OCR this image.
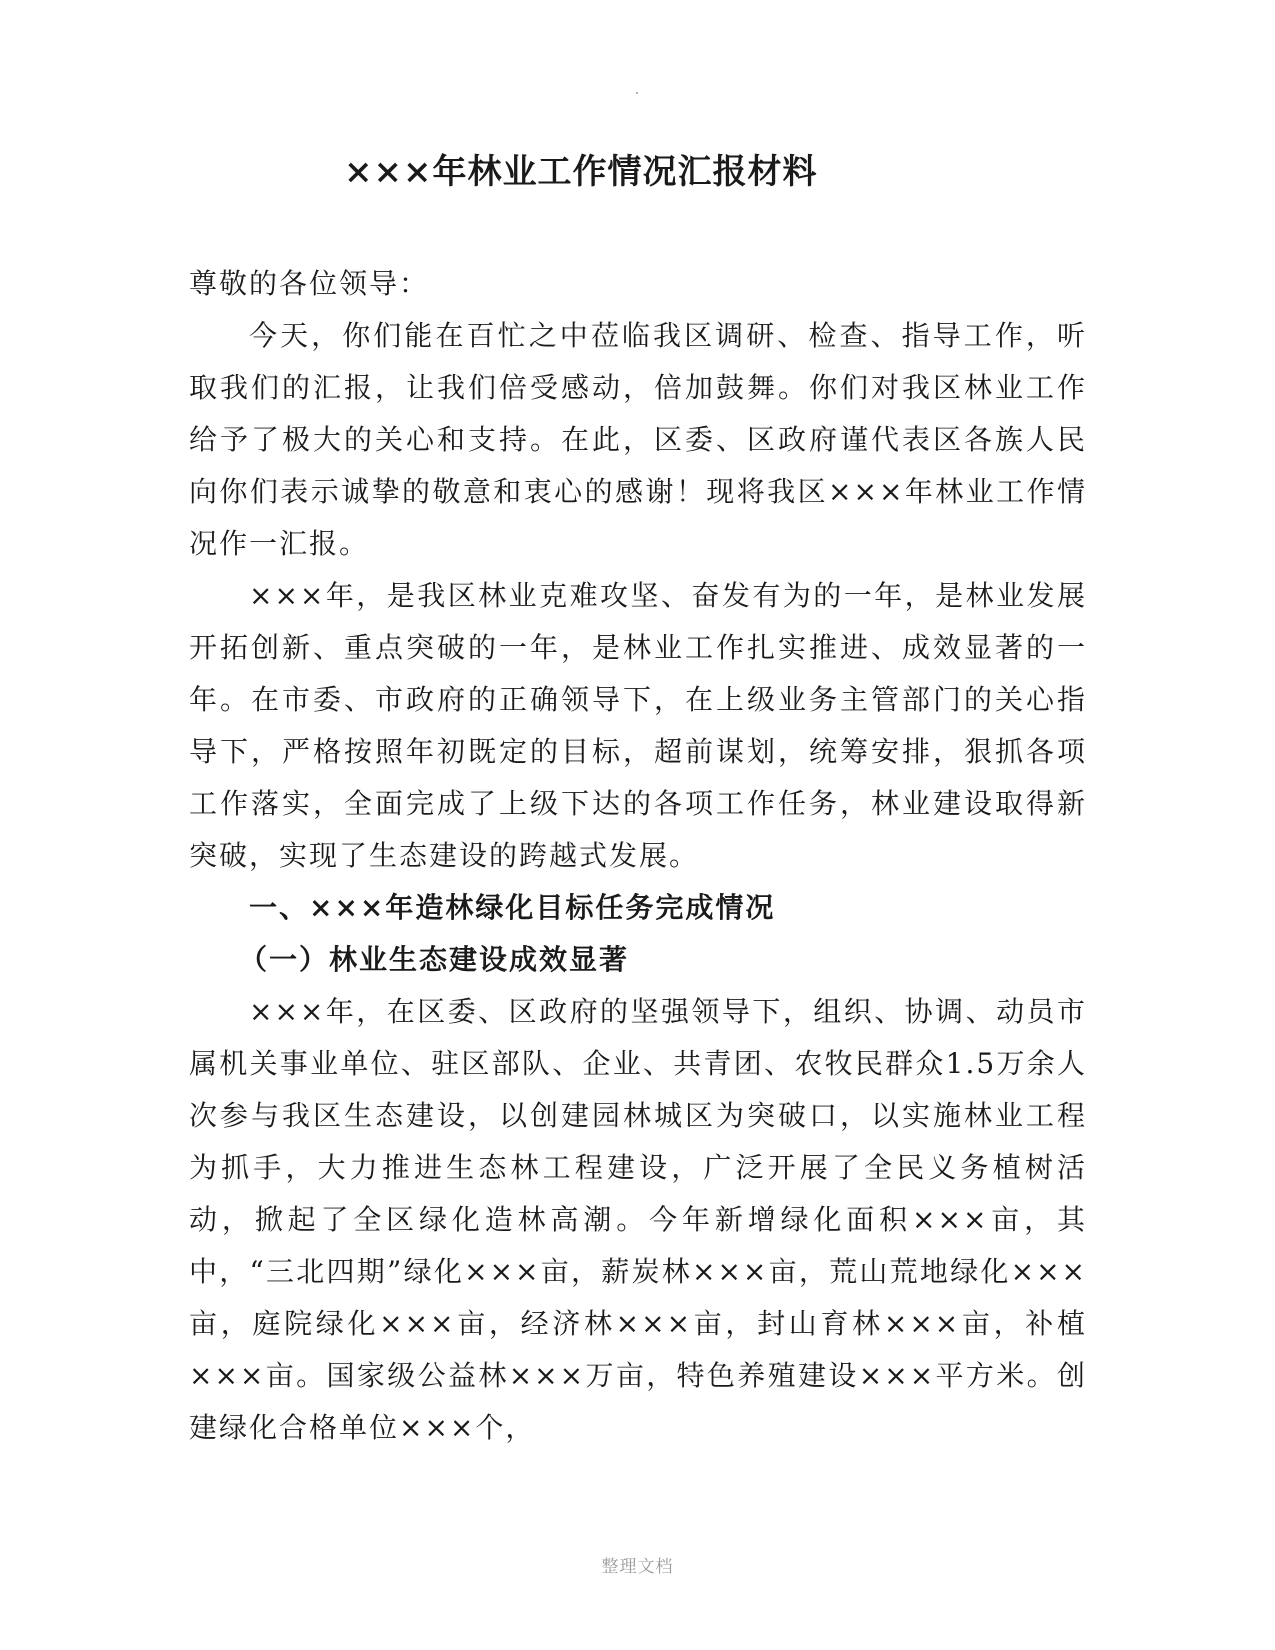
×××年林业工作情况汇报材料

尊敬的各位领导：

今天，你们能在百忙之中莅临我区调研、检查、指导工作，听取我们的汇报，让我们倍受感动，倍加鼓舞。你们对我区林业工作给予了极大的关心和支持。在此，区委、区政府谨代表区各族人民向你们表示诚挚的敬意和衷心的感谢！现将我区×××年林业工作情况作一汇报。

×××年，是我区林业克难攻坚、奋发有为的一年，是林业发展开拓创新、重点突破的一年，是林业工作扎实推进、成效显著的一年。在市委、市政府的正确领导下，在上级业务主管部门的关心指导下，严格按照年初既定的目标，超前谋划，统筹安排，狠抓各项工作落实，全面完成了上级下达的各项工作任务，林业建设取得新突破，实现了生态建设的跨越式发展。

一、×××年造林绿化目标任务完成情况

（一）林业生态建设成效显著

×××年，在区委、区政府的坚强领导下，组织、协调、动员市属机关事业单位、驻区部队、企业、共青团、农牧民群众1.5万余人次参与我区生态建设，以创建园林城区为突破口，以实施林业工程为抓手，大力推进生态林工程建设，广泛开展了全民义务植树活动，掀起了全区绿化造林高潮。今年新增绿化面积×××亩，其中，“三北四期”绿化×××亩，薪炭林×××亩，荒山荒地绿化×××亩，庭院绿化×××亩，经济林×××亩，封山育林×××亩，补植×××亩。国家级公益林×××万亩，特色养殖建设×××平方米。创建绿化合格单位×××个，

整理文档
